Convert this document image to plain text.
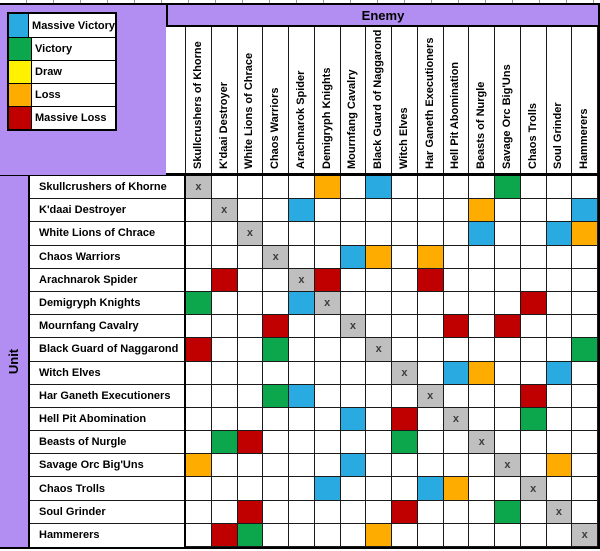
Massive Victory
Victory
Draw
Loss
Massive Loss
Enemy
Skullcrushers of Khorne K'daai Destroyer White Lions of Chrace Chaos Warriors Arachnarok Spider Demigryph Knights Mournfang Cavalry Black Guard of Naggarond Witch Elves Har Ganeth Executioners Hell Pit Abomination Beasts of Nurgle Savage Orc Big'Uns Chaos Trolls Soul Grinder Hammerers
Unit
Skullcrushers of Khorne
K'daai Destroyer
White Lions of Chrace
Chaos Warriors
Arachnarok Spider
Demigryph Knights
Mournfang Cavalry
Black Guard of Naggarond
Witch Elves
Har Ganeth Executioners
Hell Pit Abomination
Beasts of Nurgle
Savage Orc Big'Uns
Chaos Trolls
Soul Grinder
Hammerers
x
x
x
x
x
x
x
x
x
x
x
x
x
x
x
x
